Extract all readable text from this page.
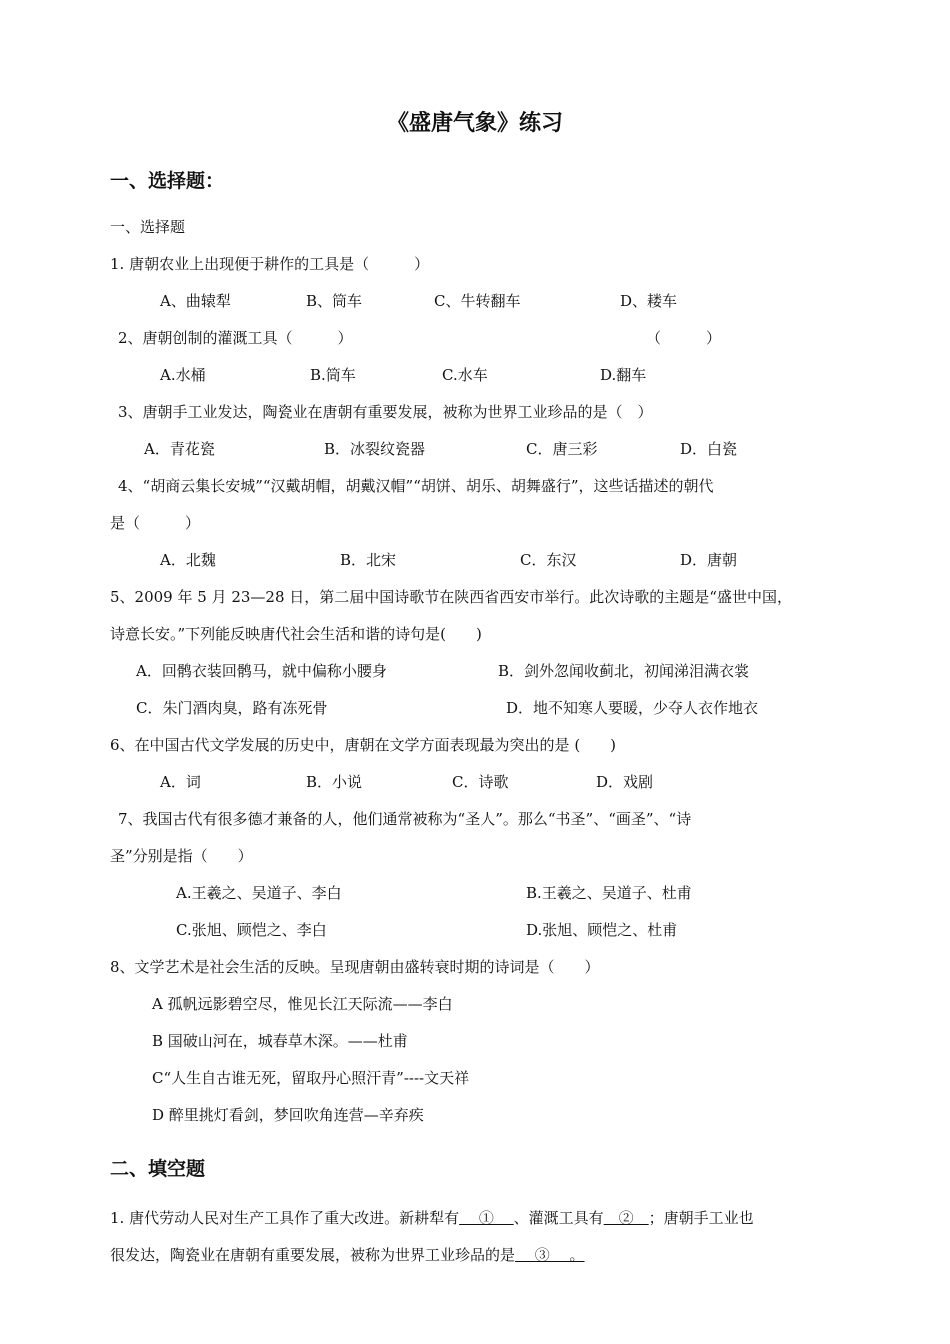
《盛唐气象》练习
一、选择题：
一、选择题
1. 唐朝农业上出现便于耕作的工具是（　　　）
A、曲辕犁	B、筒车	C、牛转翻车	D、耧车
2、唐朝创制的灌溉工具（　　　）	（　　　）
A.水桶	B.筒车	C.水车	D.翻车
3、唐朝手工业发达，陶瓷业在唐朝有重要发展，被称为世界工业珍品的是（　）
A．青花瓷	B．冰裂纹瓷器	C．唐三彩	D．白瓷
4、“胡商云集长安城”“汉戴胡帽，胡戴汉帽”“胡饼、胡乐、胡舞盛行”，这些话描述的朝代
是（　　　）
A．北魏	B．北宋	C．东汉	D．唐朝
5、2009 年 5 月 23—28 日，第二届中国诗歌节在陕西省西安市举行。此次诗歌的主题是“盛世中国，
诗意长安。”下列能反映唐代社会生活和谐的诗句是(　　)
A．回鹘衣装回鹘马，就中偏称小腰身	B．剑外忽闻收蓟北，初闻涕泪满衣裳
C．朱门酒肉臭，路有冻死骨	D．地不知寒人要暖，少夺人衣作地衣
6、在中国古代文学发展的历史中，唐朝在文学方面表现最为突出的是 (　　)
A．词	B．小说	C．诗歌	D．戏剧
7、我国古代有很多德才兼备的人，他们通常被称为“圣人”。那么“书圣”、“画圣”、“诗
圣”分别是指（　　）
A.王羲之、吴道子、李白	B.王羲之、吴道子、杜甫
C.张旭、顾恺之、李白	D.张旭、顾恺之、杜甫
8、文学艺术是社会生活的反映。呈现唐朝由盛转衰时期的诗词是（　　）
A 孤帆远影碧空尽，惟见长江天际流——李白
B 国破山河在，城春草木深。——杜甫
C“人生自古谁无死，留取丹心照汗青”----文天祥
D 醉里挑灯看剑，梦回吹角连营—辛弃疾
二、填空题
1. 唐代劳动人民对生产工具作了重大改进。新耕犁有　 ①　 、灌溉工具有　②　；唐朝手工业也
很发达，陶瓷业在唐朝有重要发展，被称为世界工业珍品的是　 ③　 。
